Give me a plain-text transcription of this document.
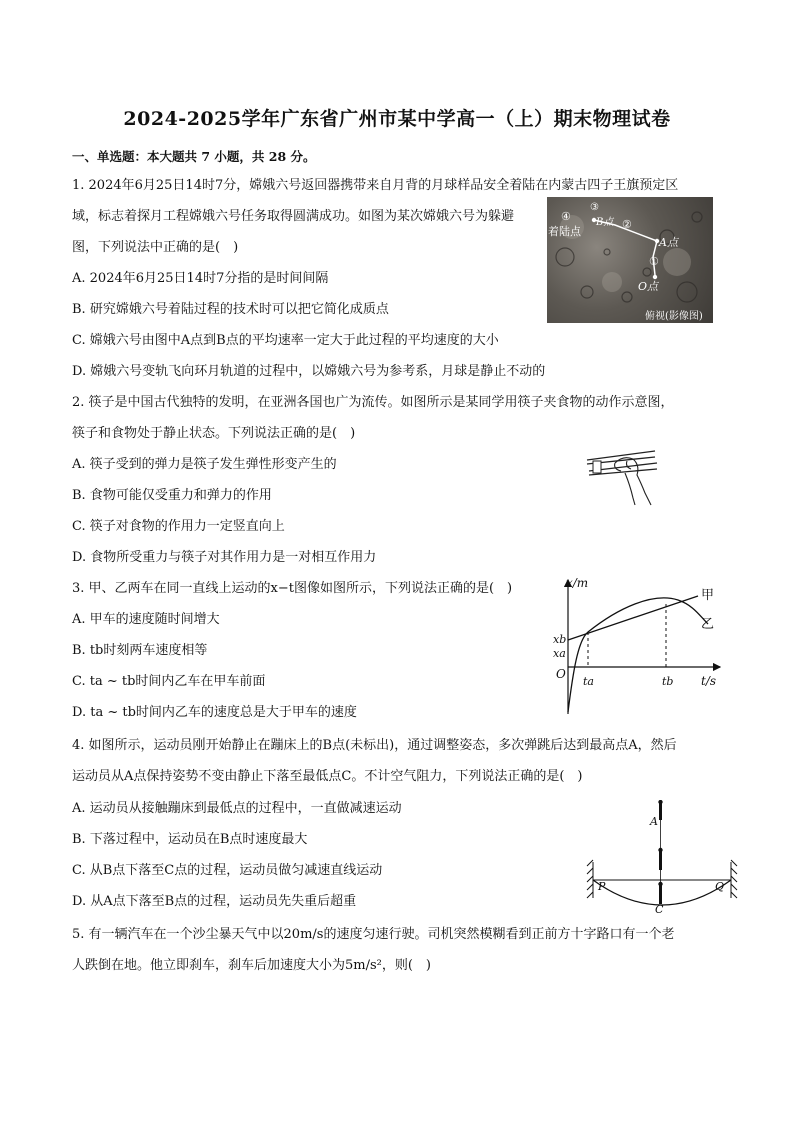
2024-2025学年广东省广州市某中学高一（上）期末物理试卷
一、单选题：本大题共 7 小题，共 28 分。
1. 2024年6月25日14时7分，嫦娥六号返回器携带来自月背的月球样品安全着陆在内蒙古四子王旗预定区
域，标志着探月工程嫦娥六号任务取得圆满成功。如图为某次嫦娥六号为躲避
图，下列说法中正确的是(　)
A. 2024年6月25日14时7分指的是时间间隔
B. 研究嫦娥六号着陆过程的技术时可以把它简化成质点
C. 嫦娥六号由图中A点到B点的平均速率一定大于此过程的平均速度的大小
D. 嫦娥六号变轨飞向环月轨道的过程中，以嫦娥六号为参考系，月球是静止不动的
④
③
B点 ②
着陆点
A点
①
O点
俯视(影像图)
2. 筷子是中国古代独特的发明，在亚洲各国也广为流传。如图所示是某同学用筷子夹食物的动作示意图，
筷子和食物处于静止状态。下列说法正确的是(　)
A. 筷子受到的弹力是筷子发生弹性形变产生的
B. 食物可能仅受重力和弹力的作用
C. 筷子对食物的作用力一定竖直向上
D. 食物所受重力与筷子对其作用力是一对相互作用力
3. 甲、乙两车在同一直线上运动的x−t图像如图所示，下列说法正确的是(　)
A. 甲车的速度随时间增大
B. tb时刻两车速度相等
C. ta ~ tb时间内乙车在甲车前面
D. ta ~ tb时间内乙车的速度总是大于甲车的速度
x/m
t/s
O
甲
乙
xb
xa
ta	tb
4. 如图所示，运动员刚开始静止在蹦床上的B点(未标出)，通过调整姿态，多次弹跳后达到最高点A，然后
运动员从A点保持姿势不变由静止下落至最低点C。不计空气阻力，下列说法正确的是(　)
A. 运动员从接触蹦床到最低点的过程中，一直做减速运动
B. 下落过程中，运动员在B点时速度最大
C. 从B点下落至C点的过程，运动员做匀减速直线运动
D. 从A点下落至B点的过程，运动员先失重后超重
A
C
P	Q
5. 有一辆汽车在一个沙尘暴天气中以20m/s的速度匀速行驶。司机突然模糊看到正前方十字路口有一个老
人跌倒在地。他立即刹车，刹车后加速度大小为5m/s²，则(　)
